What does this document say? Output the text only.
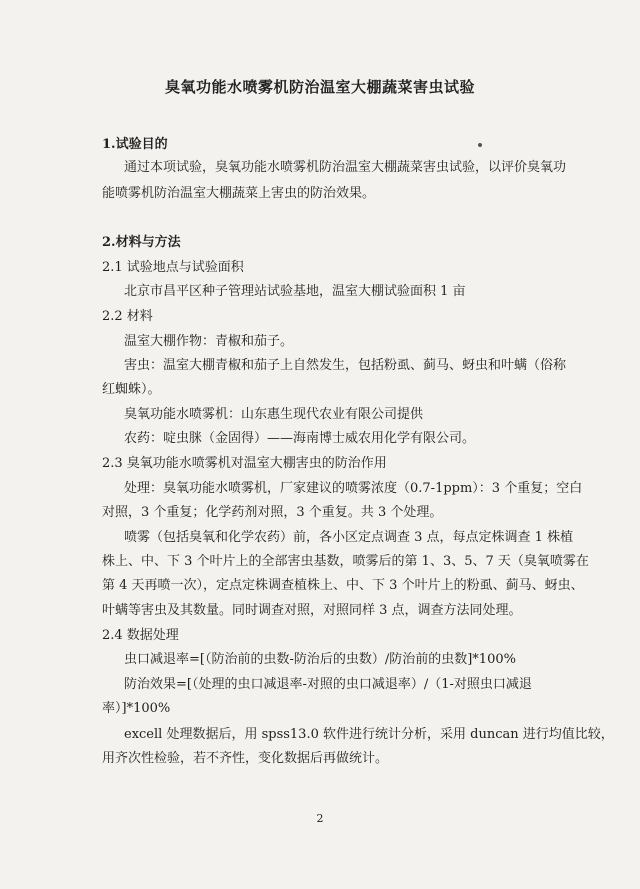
臭氧功能水喷雾机防治温室大棚蔬菜害虫试验
1.试验目的
通过本项试验，臭氧功能水喷雾机防治温室大棚蔬菜害虫试验，以评价臭氧功
能喷雾机防治温室大棚蔬菜上害虫的防治效果。
2.材料与方法
2.1 试验地点与试验面积
北京市昌平区种子管理站试验基地，温室大棚试验面积 1 亩
2.2 材料
温室大棚作物：青椒和茄子。
害虫：温室大棚青椒和茄子上自然发生，包括粉虱、蓟马、蚜虫和叶螨（俗称
红蜘蛛）。
臭氧功能水喷雾机：山东惠生现代农业有限公司提供
农药：啶虫脒（金固得）——海南博士威农用化学有限公司。
2.3 臭氧功能水喷雾机对温室大棚害虫的防治作用
处理：臭氧功能水喷雾机，厂家建议的喷雾浓度（0.7-1ppm）：3 个重复；空白
对照，3 个重复；化学药剂对照，3 个重复。共 3 个处理。
喷雾（包括臭氧和化学农药）前，各小区定点调查 3 点，每点定株调查 1 株植
株上、中、下 3 个叶片上的全部害虫基数，喷雾后的第 1、3、5、7 天（臭氧喷雾在
第 4 天再喷一次），定点定株调查植株上、中、下 3 个叶片上的粉虱、蓟马、蚜虫、
叶螨等害虫及其数量。同时调查对照，对照同样 3 点，调查方法同处理。
2.4 数据处理
虫口减退率=[（防治前的虫数-防治后的虫数）/防治前的虫数]*100%
防治效果=[（处理的虫口减退率-对照的虫口减退率）/（1-对照虫口减退
率）]*100%
excell 处理数据后，用 spss13.0 软件进行统计分析，采用 duncan 进行均值比较，
用齐次性检验，若不齐性，变化数据后再做统计。
2
